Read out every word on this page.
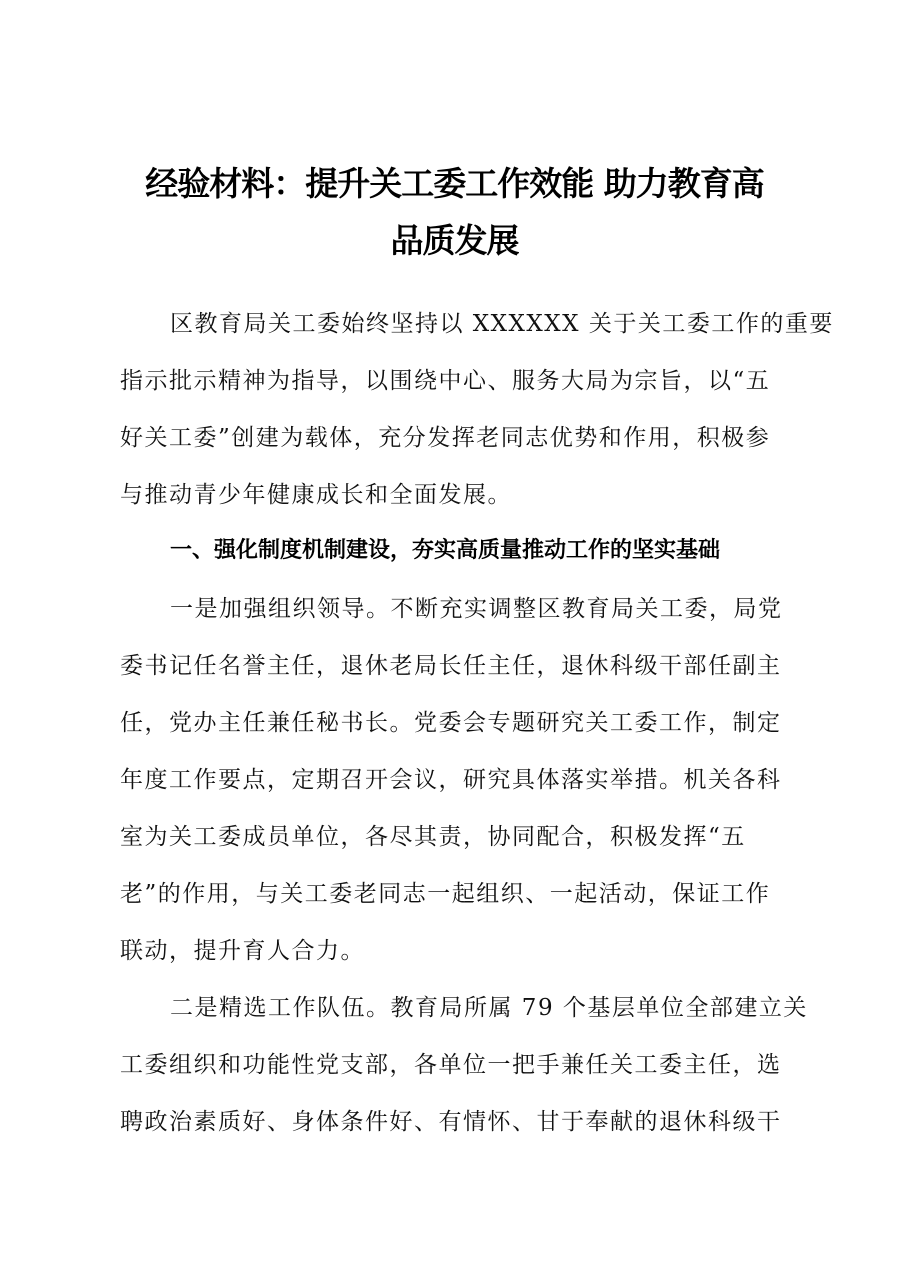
经验材料：提升关工委工作效能 助力教育高
品质发展

区教育局关工委始终坚持以 XXXXXX 关于关工委工作的重要

指示批示精神为指导，以围绕中心、服务大局为宗旨，以“五

好关工委”创建为载体，充分发挥老同志优势和作用，积极参

与推动青少年健康成长和全面发展。

一、强化制度机制建设，夯实高质量推动工作的坚实基础

一是加强组织领导。不断充实调整区教育局关工委，局党

委书记任名誉主任，退休老局长任主任，退休科级干部任副主

任，党办主任兼任秘书长。党委会专题研究关工委工作，制定

年度工作要点，定期召开会议，研究具体落实举措。机关各科

室为关工委成员单位，各尽其责，协同配合，积极发挥“五

老”的作用，与关工委老同志一起组织、一起活动，保证工作

联动，提升育人合力。

二是精选工作队伍。教育局所属 79 个基层单位全部建立关

工委组织和功能性党支部，各单位一把手兼任关工委主任，选

聘政治素质好、身体条件好、有情怀、甘于奉献的退休科级干
